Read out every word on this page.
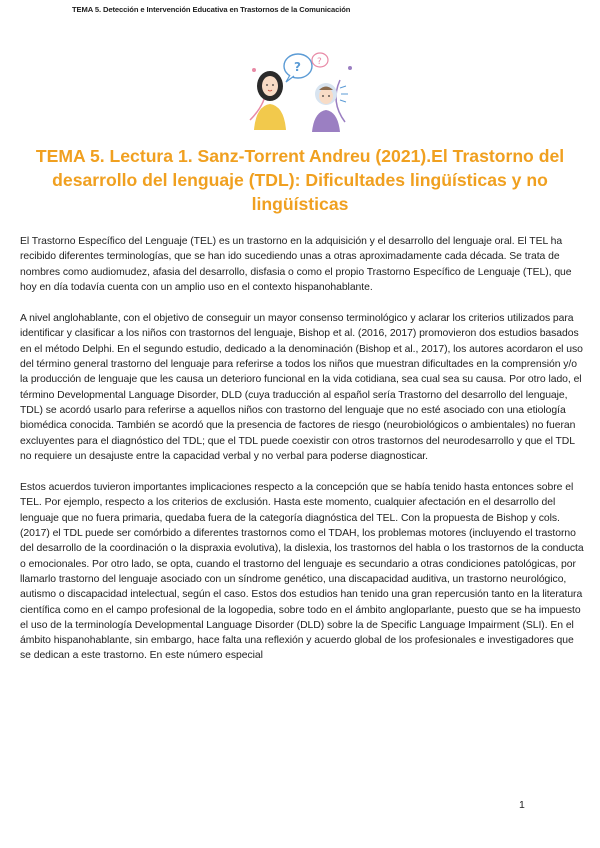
TEMA 5. Detección e Intervención Educativa en Trastornos de la Comunicación
? ?
TEMA 5. Lectura 1. Sanz-Torrent Andreu (2021).El Trastorno del desarrollo del lenguaje (TDL): Dificultades lingüísticas y no lingüísticas

El Trastorno Específico del Lenguaje (TEL) es un trastorno en la adquisición y el desarrollo del lenguaje oral. El TEL ha recibido diferentes terminologías, que se han ido sucediendo unas a otras aproximadamente cada década. Se trata de nombres como audiomudez, afasia del desarrollo, disfasia o como el propio Trastorno Específico de Lenguaje (TEL), que hoy en día todavía cuenta con un amplio uso en el contexto hispanohablante.

A nivel anglohablante, con el objetivo de conseguir un mayor consenso terminológico y aclarar los criterios utilizados para identificar y clasificar a los niños con trastornos del lenguaje, Bishop et al. (2016, 2017) promovieron dos estudios basados en el método Delphi. En el segundo estudio, dedicado a la denominación (Bishop et al., 2017), los autores acordaron el uso del término general trastorno del lenguaje para referirse a todos los niños que muestran dificultades en la comprensión y/o la producción de lenguaje que les causa un deterioro funcional en la vida cotidiana, sea cual sea su causa. Por otro lado, el término Developmental Language Disorder, DLD (cuya traducción al español sería Trastorno del desarrollo del lenguaje, TDL) se acordó usarlo para referirse a aquellos niños con trastorno del lenguaje que no esté asociado con una etiología biomédica conocida. También se acordó que la presencia de factores de riesgo (neurobiológicos o ambientales) no fueran excluyentes para el diagnóstico del TDL; que el TDL puede coexistir con otros trastornos del neurodesarrollo y que el TDL no requiere un desajuste entre la capacidad verbal y no verbal para poderse diagnosticar.

Estos acuerdos tuvieron importantes implicaciones respecto a la concepción que se había tenido hasta entonces sobre el TEL. Por ejemplo, respecto a los criterios de exclusión. Hasta este momento, cualquier afectación en el desarrollo del lenguaje que no fuera primaria, quedaba fuera de la categoría diagnóstica del TEL. Con la propuesta de Bishop y cols. (2017) el TDL puede ser comórbido a diferentes trastornos como el TDAH, los problemas motores (incluyendo el trastorno del desarrollo de la coordinación o la dispraxia evolutiva), la dislexia, los trastornos del habla o los trastornos de la conducta o emocionales. Por otro lado, se opta, cuando el trastorno del lenguaje es secundario a otras condiciones patológicas, por llamarlo trastorno del lenguaje asociado con un síndrome genético, una discapacidad auditiva, un trastorno neurológico, autismo o discapacidad intelectual, según el caso. Estos dos estudios han tenido una gran repercusión tanto en la literatura científica como en el campo profesional de la logopedia, sobre todo en el ámbito angloparlante, puesto que se ha impuesto el uso de la terminología Developmental Language Disorder (DLD) sobre la de Specific Language Impairment (SLI). En el ámbito hispanohablante, sin embargo, hace falta una reflexión y acuerdo global de los profesionales e investigadores que se dedican a este trastorno. En este número especial

1
